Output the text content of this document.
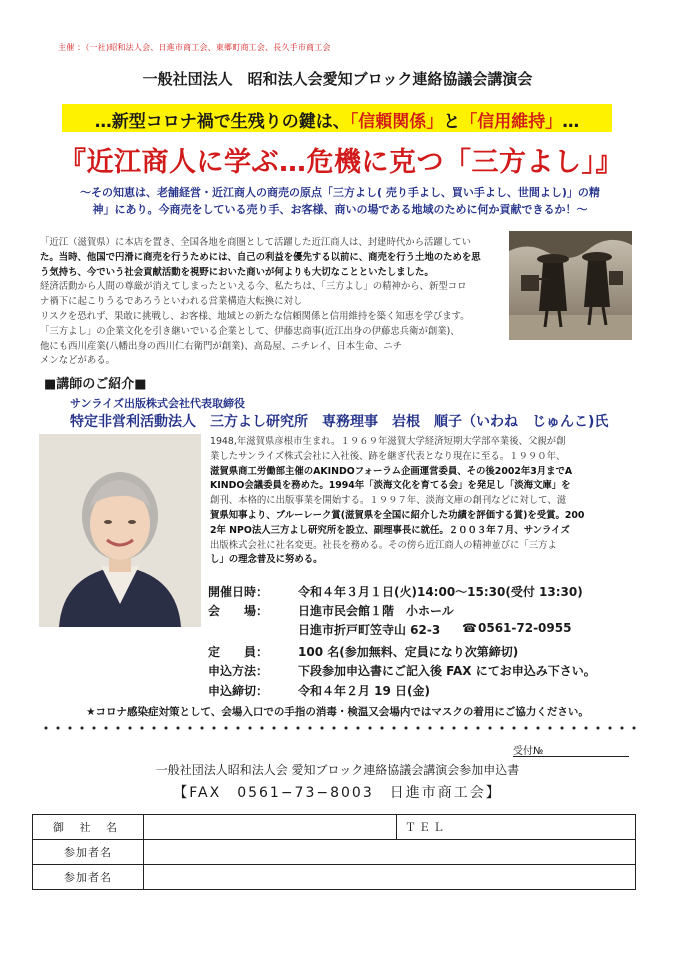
主催 ：（一社)昭和法人会、日進市商工会、東郷町商工会、長久手市商工会
一般社団法人　昭和法人会愛知ブロック連絡協議会講演会
…新型コロナ禍で生残りの鍵は、「信頼関係」と「信用維持」…
『近江商人に学ぶ…危機に克つ「三方よし」』
～その知恵は、老舗経営・近江商人の商売の原点「三方よし( 売り手よし、買い手よし、世間よし)」の精
神」にあり。今商売をしている売り手、お客様、商いの場である地域のために何か貢献できるか！～

「近江（滋賀県）に本店を置き、全国各地を商圏として活躍した近江商人は、封建時代から活躍してい

た。当時、他国で円滑に商売を行うためには、自己の利益を優先する以前に、商売を行う土地のためを思

う気持ち、今でいう社会貢献活動を視野においた商いが何よりも大切なことといたしました。

経済活動から人間の尊厳が消えてしまったといえる今、私たちは、「三方よし」の精神から、新型コロ

ナ禍下に起こりうるであろうといわれる営業構造大転換に対し

リスクを恐れず、果敢に挑戦し、お客様、地域との新たな信頼関係と信用維持を築く知恵を学びます。

「三方よし」の企業文化を引き継いでいる企業として、伊藤忠商事(近江出身の伊藤忠兵衛が創業)、

他にも西川産業(八幡出身の西川仁右衛門が創業)、高島屋、ニチレイ、日本生命、ニチ

メンなどがある。

■講師のご紹介■
サンライズ出版株式会社代表取締役
特定非営利活動法人　三方よし研究所　専務理事　岩根　順子（いわね　じゅんこ)氏

1948,年滋賀県彦根市生まれ。１９６９年滋賀大学経済短期大学部卒業後、父親が創

業したサンライズ株式会社に入社後、跡を継ぎ代表となり現在に至る。１９９０年、

滋賀県商工労働部主催のAKINDOフォーラム企画運営委員、その後2002年3月までA

KINDO会議委員を務めた。1994年「淡海文化を育てる会」を発足し「淡海文庫」を

創刊、本格的に出版事業を開始する。１９９７年、淡海文庫の創刊などに対して、滋

賀県知事より、ブルーレーク賞(滋賀県を全国に紹介した功績を評価する賞)を受賞。200

2年 NPO法人三方よし研究所を設立、副理事長に就任。２００３年７月、サンライズ

出版株式会社に社名変更。社長を務める。その傍ら近江商人の精神並びに「三方よ

し」の理念普及に努める。

開催日時：	令和４年３月１日(火)14:00～15:30(受付 13:30)
会　　場：	日進市民会館１階　小ホール
日進市折戸町笠寺山 62-3 ☎ 0561-72-0955
定　　員：	100 名(参加無料、定員になり次第締切)
申込方法：	下段参加申込書にご記入後 FAX にてお申込み下さい。
申込締切：	令和４年２月 19 日(金)
★コロナ感染症対策として、会場入口での手指の消毒・検温又会場内ではマスクの着用にご協力ください。
受付№
一般社団法人昭和法人会 愛知ブロック連絡協議会講演会参加申込書
【FAX　0561−73−8003　日進市商工会】
御 社 名		ＴＥＬ
参加者名		
参加者名		
